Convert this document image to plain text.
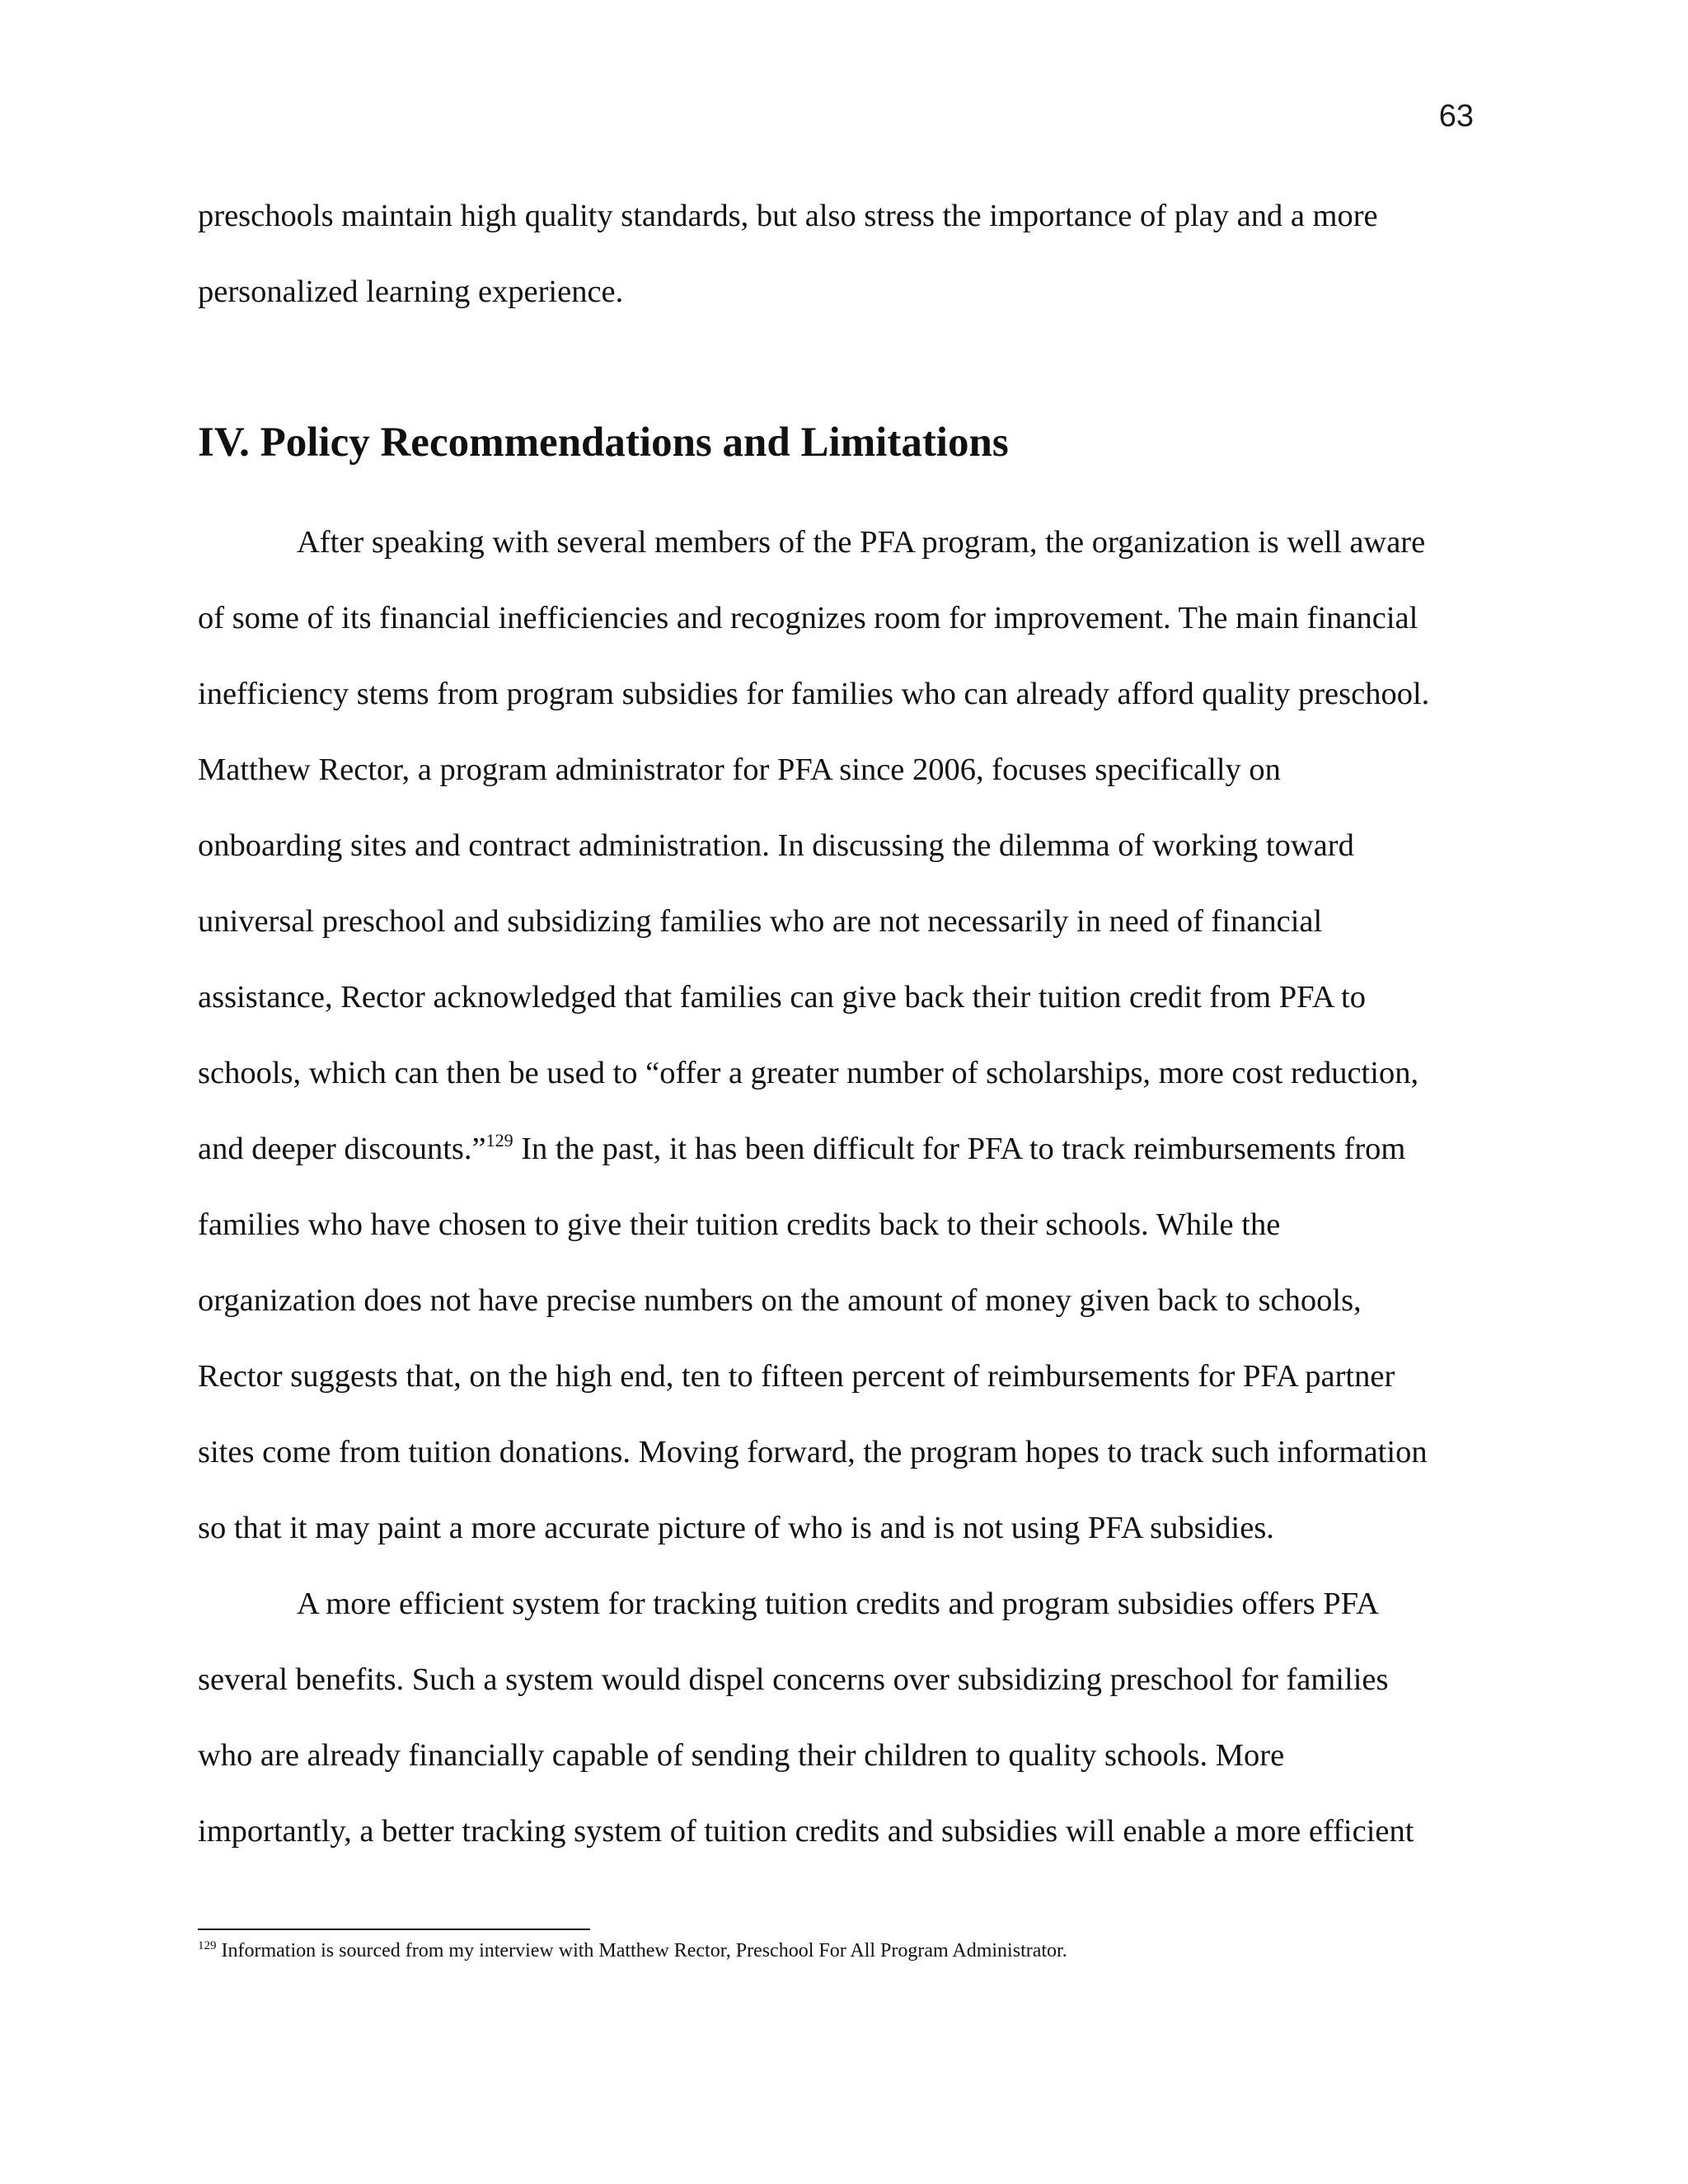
63
preschools maintain high quality standards, but also stress the importance of play and a more
personalized learning experience.
IV. Policy Recommendations and Limitations
After speaking with several members of the PFA program, the organization is well aware
of some of its financial inefficiencies and recognizes room for improvement. The main financial
inefficiency stems from program subsidies for families who can already afford quality preschool.
Matthew Rector, a program administrator for PFA since 2006, focuses specifically on
onboarding sites and contract administration. In discussing the dilemma of working toward
universal preschool and subsidizing families who are not necessarily in need of financial
assistance, Rector acknowledged that families can give back their tuition credit from PFA to
schools, which can then be used to “offer a greater number of scholarships, more cost reduction,
and deeper discounts.”$^{129}$ In the past, it has been difficult for PFA to track reimbursements from
families who have chosen to give their tuition credits back to their schools. While the
organization does not have precise numbers on the amount of money given back to schools,
Rector suggests that, on the high end, ten to fifteen percent of reimbursements for PFA partner
sites come from tuition donations. Moving forward, the program hopes to track such information
so that it may paint a more accurate picture of who is and is not using PFA subsidies.
A more efficient system for tracking tuition credits and program subsidies offers PFA
several benefits. Such a system would dispel concerns over subsidizing preschool for families
who are already financially capable of sending their children to quality schools. More
importantly, a better tracking system of tuition credits and subsidies will enable a more efficient
$^{129}$ Information is sourced from my interview with Matthew Rector, Preschool For All Program Administrator.
